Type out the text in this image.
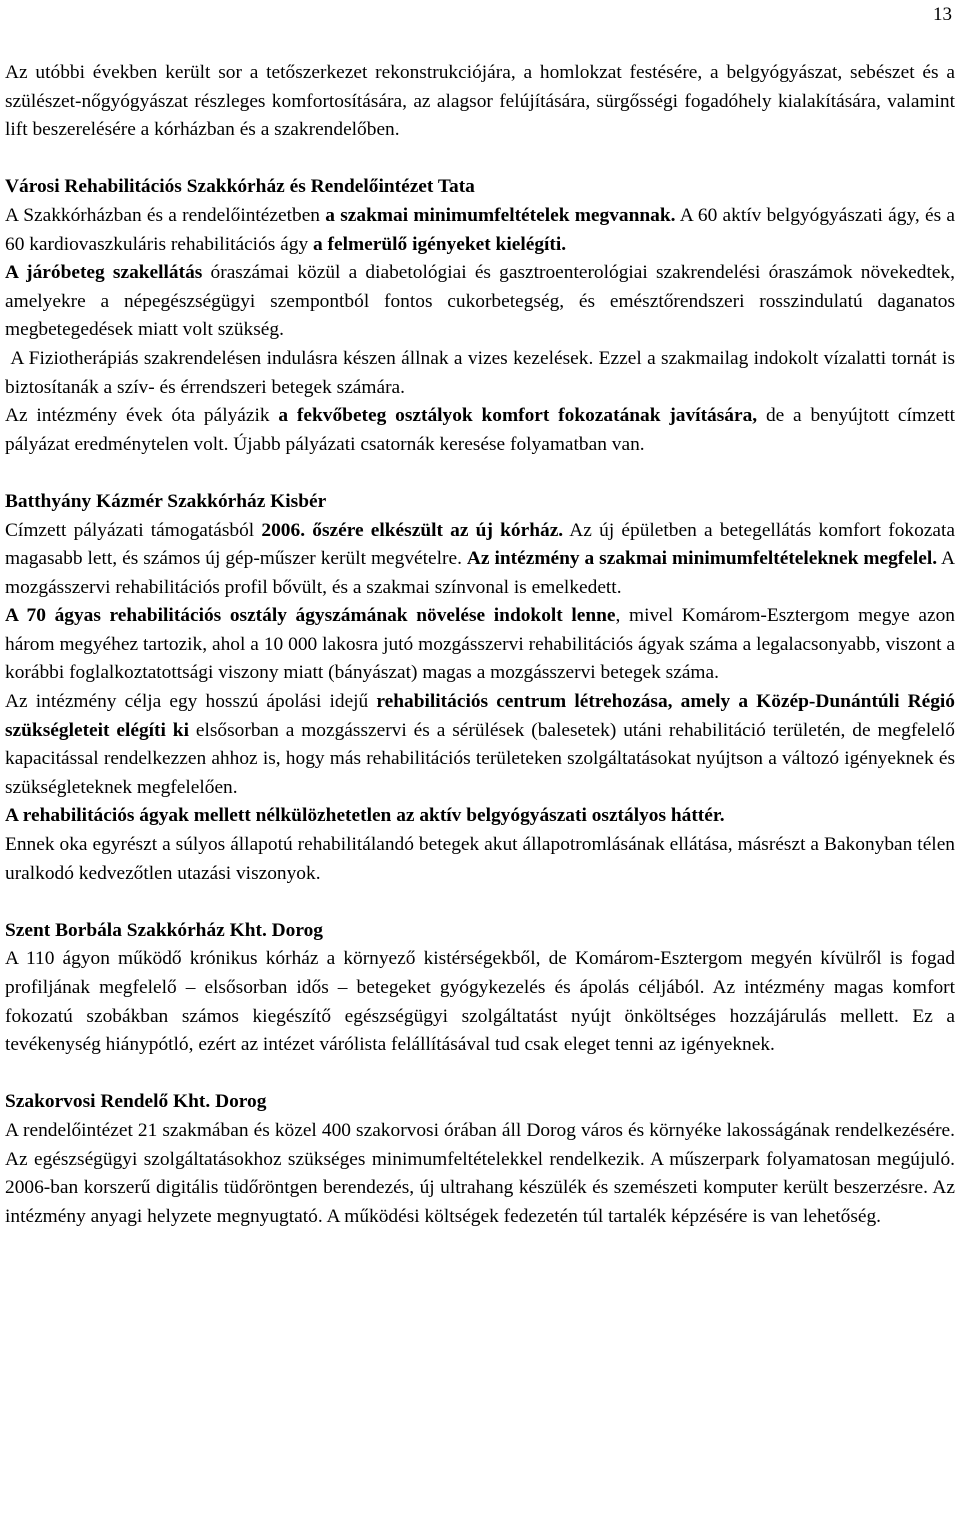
13

Az utóbbi években került sor a tetőszerkezet rekonstrukciójára, a homlokzat festésére, a belgyógyászat, sebészet és a szülészet-nőgyógyászat részleges komfortosítására, az alagsor felújítására, sürgősségi fogadóhely kialakítására, valamint lift beszerelésére a kórházban és a szakrendelőben.

Városi Rehabilitációs Szakkórház és Rendelőintézet Tata

A Szakkórházban és a rendelőintézetben a szakmai minimumfeltételek megvannak. A 60 aktív belgyógyászati ágy, és a 60 kardiovaszkuláris rehabilitációs ágy a felmerülő igényeket kielégíti.

A járóbeteg szakellátás óraszámai közül a diabetológiai és gasztroenterológiai szakrendelési óraszámok növekedtek, amelyekre a népegészségügyi szempontból fontos cukorbetegség, és emésztőrendszeri rosszindulatú daganatos megbetegedések miatt volt szükség.

A Fiziotherápiás szakrendelésen indulásra készen állnak a vizes kezelések. Ezzel a szakmailag indokolt vízalatti tornát is biztosítanák a szív- és érrendszeri betegek számára.

Az intézmény évek óta pályázik a fekvőbeteg osztályok komfort fokozatának javítására, de a benyújtott címzett pályázat eredménytelen volt. Újabb pályázati csatornák keresése folyamatban van.

Batthyány Kázmér Szakkórház Kisbér

Címzett pályázati támogatásból 2006. őszére elkészült az új kórház. Az új épületben a betegellátás komfort fokozata magasabb lett, és számos új gép-műszer került megvételre. Az intézmény a szakmai minimumfeltételeknek megfelel. A mozgásszervi rehabilitációs profil bővült, és a szakmai színvonal is emelkedett.

A 70 ágyas rehabilitációs osztály ágyszámának növelése indokolt lenne, mivel Komárom-Esztergom megye azon három megyéhez tartozik, ahol a 10 000 lakosra jutó mozgásszervi rehabilitációs ágyak száma a legalacsonyabb, viszont a korábbi foglalkoztatottsági viszony miatt (bányászat) magas a mozgásszervi betegek száma.

Az intézmény célja egy hosszú ápolási idejű rehabilitációs centrum létrehozása, amely a Közép-Dunántúli Régió szükségleteit elégíti ki elsősorban a mozgásszervi és a sérülések (balesetek) utáni rehabilitáció területén, de megfelelő kapacitással rendelkezzen ahhoz is, hogy más rehabilitációs területeken szolgáltatásokat nyújtson a változó igényeknek és szükségleteknek megfelelően.

A rehabilitációs ágyak mellett nélkülözhetetlen az aktív belgyógyászati osztályos háttér.

Ennek oka egyrészt a súlyos állapotú rehabilitálandó betegek akut állapotromlásának ellátása, másrészt a Bakonyban télen uralkodó kedvezőtlen utazási viszonyok.

Szent Borbála Szakkórház Kht. Dorog

A 110 ágyon működő krónikus kórház a környező kistérségekből, de Komárom-Esztergom megyén kívülről is fogad profiljának megfelelő – elsősorban idős – betegeket gyógykezelés és ápolás céljából. Az intézmény magas komfort fokozatú szobákban számos kiegészítő egészségügyi szolgáltatást nyújt önköltséges hozzájárulás mellett. Ez a tevékenység hiánypótló, ezért az intézet várólista felállításával tud csak eleget tenni az igényeknek.

Szakorvosi Rendelő Kht. Dorog

A rendelőintézet 21 szakmában és közel 400 szakorvosi órában áll Dorog város és környéke lakosságának rendelkezésére. Az egészségügyi szolgáltatásokhoz szükséges minimumfeltételekkel rendelkezik. A műszerpark folyamatosan megújuló. 2006-ban korszerű digitális tüdőröntgen berendezés, új ultrahang készülék és szemészeti komputer került beszerzésre. Az intézmény anyagi helyzete megnyugtató. A működési költségek fedezetén túl tartalék képzésére is van lehetőség.
